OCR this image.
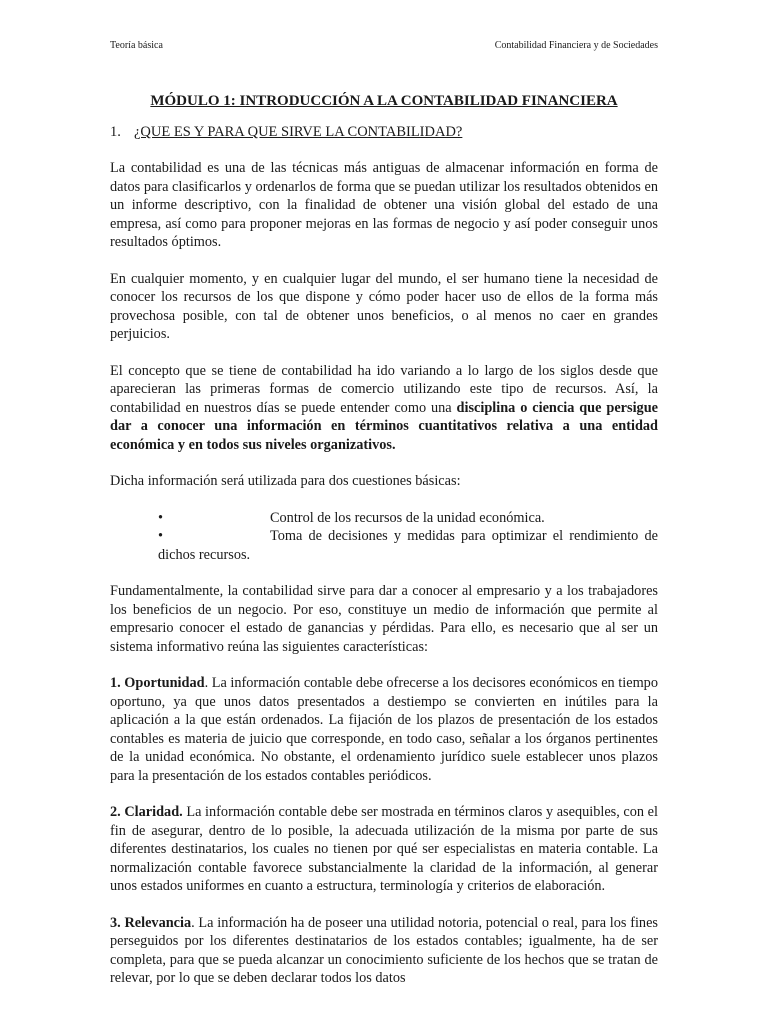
Teoría básica	Contabilidad Financiera y de Sociedades
MÓDULO 1: INTRODUCCIÓN A LA CONTABILIDAD FINANCIERA
1. ¿QUE ES Y PARA QUE SIRVE LA CONTABILIDAD?

La contabilidad es una de las técnicas más antiguas de almacenar información en forma de datos para clasificarlos y ordenarlos de forma que se puedan utilizar los resultados obtenidos en un informe descriptivo, con la finalidad de obtener una visión global del estado de una empresa, así como para proponer mejoras en las formas de negocio y así poder conseguir unos resultados óptimos.

En cualquier momento, y en cualquier lugar del mundo, el ser humano tiene la necesidad de conocer los recursos de los que dispone y cómo poder hacer uso de ellos de la forma más provechosa posible, con tal de obtener unos beneficios, o al menos no caer en grandes perjuicios.

El concepto que se tiene de contabilidad ha ido variando a lo largo de los siglos desde que aparecieran las primeras formas de comercio utilizando este tipo de recursos. Así, la contabilidad en nuestros días se puede entender como una disciplina o ciencia que persigue dar a conocer una información en términos cuantitativos relativa a una entidad económica y en todos sus niveles organizativos.

Dicha información será utilizada para dos cuestiones básicas:

•	Control de los recursos de la unidad económica.
•	Toma de decisiones y medidas para optimizar el rendimiento de dichos recursos.

Fundamentalmente, la contabilidad sirve para dar a conocer al empresario y a los trabajadores los beneficios de un negocio. Por eso, constituye un medio de información que permite al empresario conocer el estado de ganancias y pérdidas. Para ello, es necesario que al ser un sistema informativo reúna las siguientes características:

1. Oportunidad. La información contable debe ofrecerse a los decisores económicos en tiempo oportuno, ya que unos datos presentados a destiempo se convierten en inútiles para la aplicación a la que están ordenados. La fijación de los plazos de presentación de los estados contables es materia de juicio que corresponde, en todo caso, señalar a los órganos pertinentes de la unidad económica. No obstante, el ordenamiento jurídico suele establecer unos plazos para la presentación de los estados contables periódicos.

2. Claridad. La información contable debe ser mostrada en términos claros y asequibles, con el fin de asegurar, dentro de lo posible, la adecuada utilización de la misma por parte de sus diferentes destinatarios, los cuales no tienen por qué ser especialistas en materia contable. La normalización contable favorece substancialmente la claridad de la información, al generar unos estados uniformes en cuanto a estructura, terminología y criterios de elaboración.

3. Relevancia. La información ha de poseer una utilidad notoria, potencial o real, para los fines perseguidos por los diferentes destinatarios de los estados contables; igualmente, ha de ser completa, para que se pueda alcanzar un conocimiento suficiente de los hechos que se tratan de relevar, por lo que se deben declarar todos los datos
